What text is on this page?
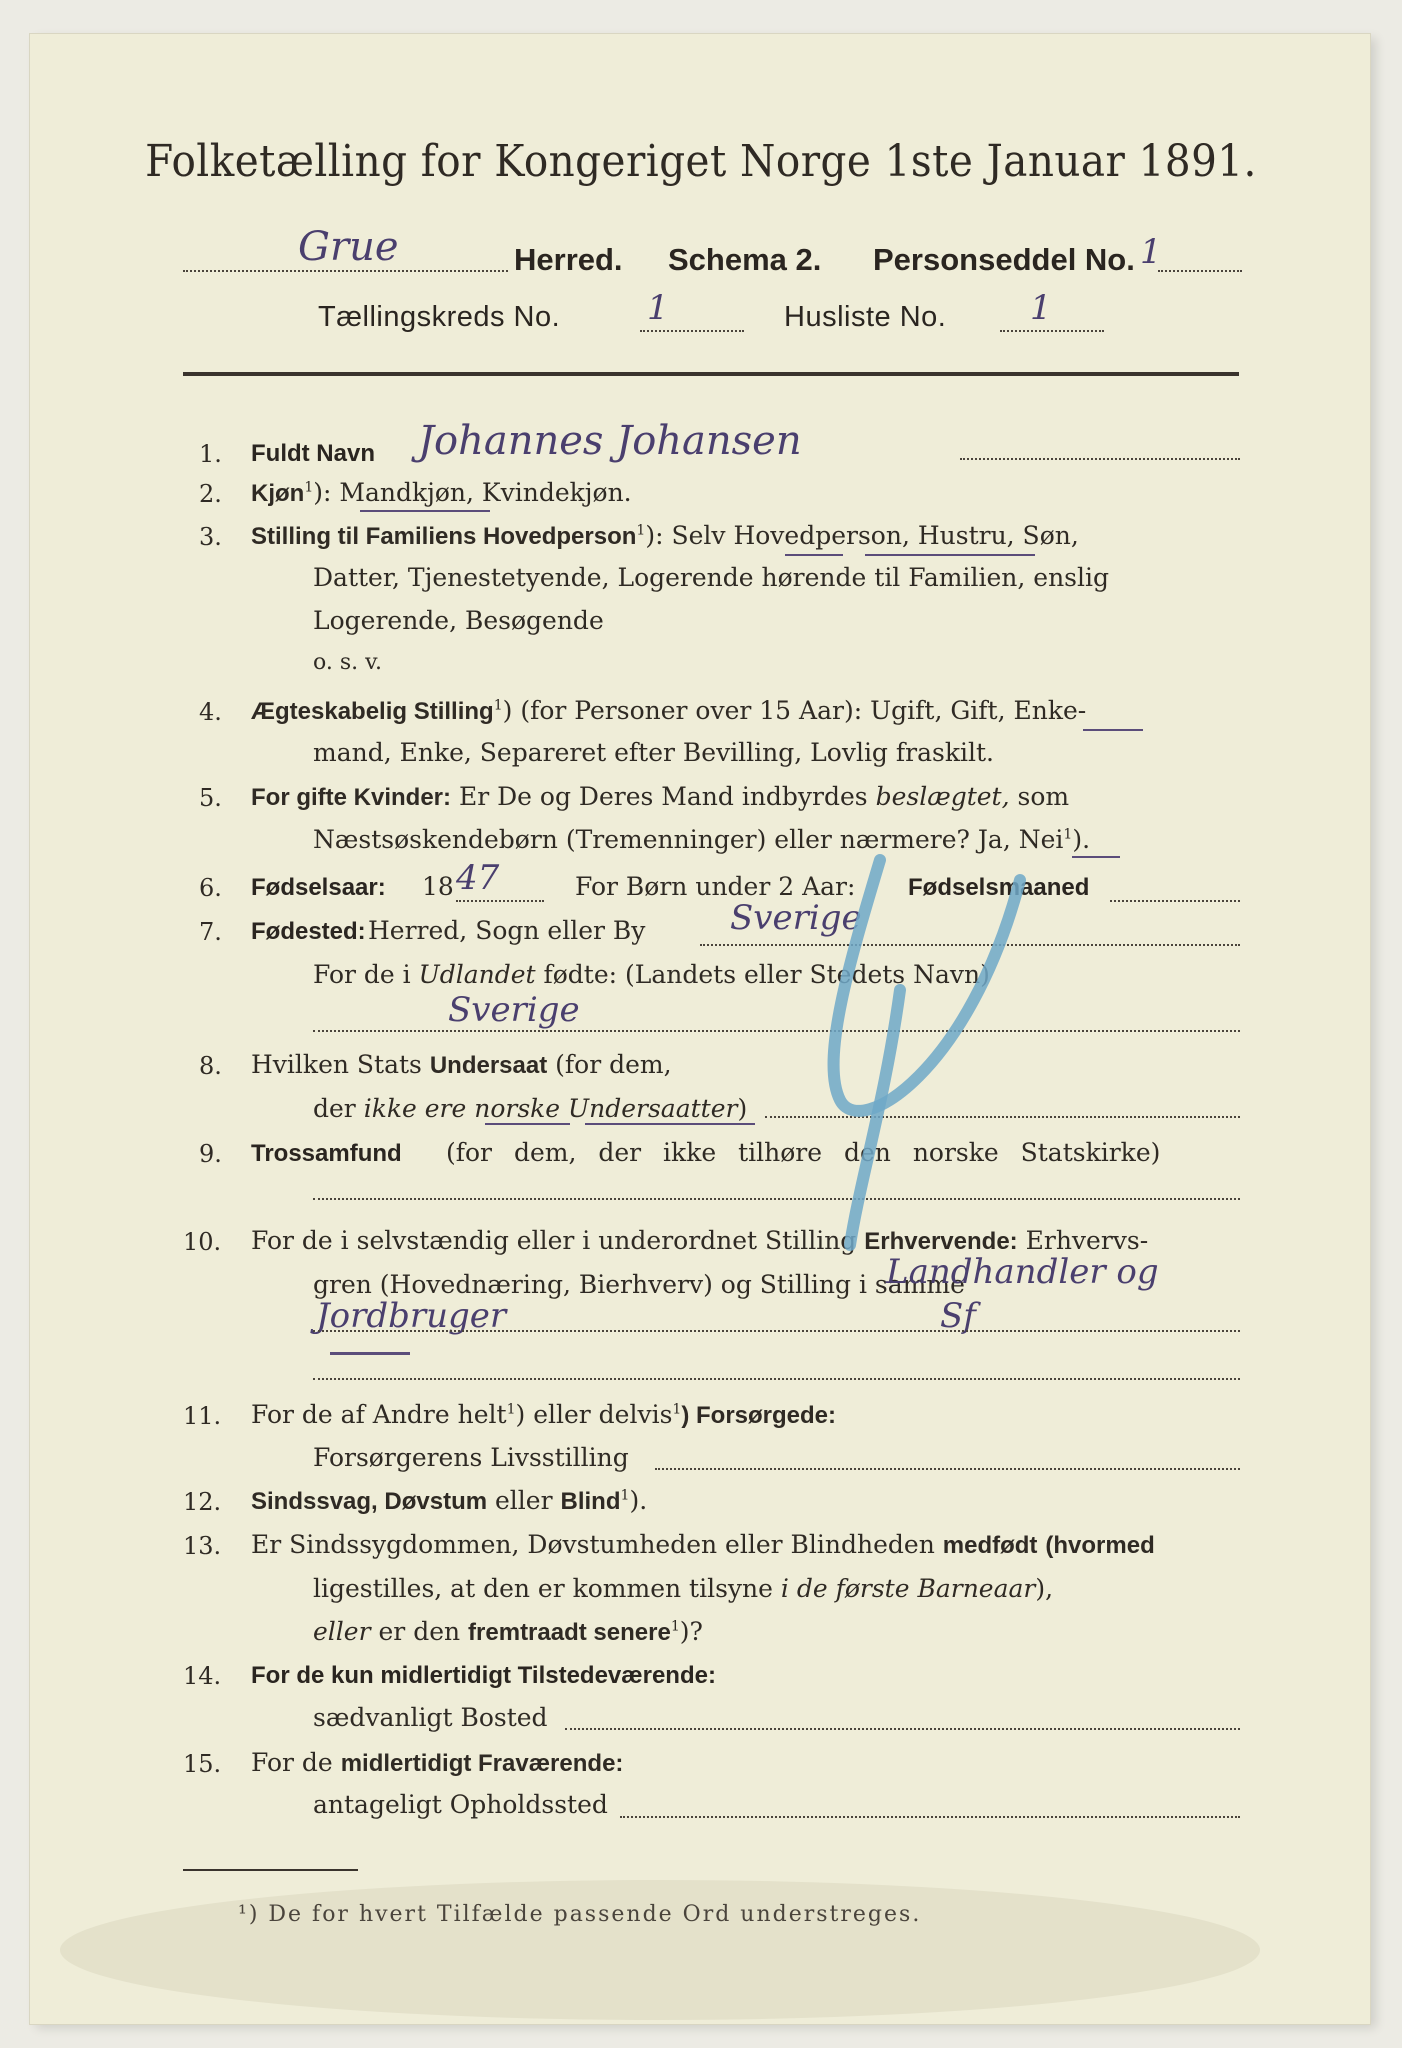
Folketælling for Kongeriget Norge 1ste Januar 1891.
Grue	Herred. Schema 2. Personseddel No. 1
Tællingskreds No.	1	Husliste No. 1
1. Fuldt Navn Johannes Johansen
2. Kjøn$^1$): Mandkjøn, Kvindekjøn.
3. Stilling til Familiens Hovedperson$^1$): Selv Hovedperson, Hustru, Søn,
Datter, Tjenestetyende, Logerende hørende til Familien, enslig
Logerende, Besøgende
o. s. v.
4. Ægteskabelig Stilling$^1$) (for Personer over 15 Aar): Ugift, Gift, Enke-
mand, Enke, Separeret efter Bevilling, Lovlig fraskilt.
5. For gifte Kvinder: Er De og Deres Mand indbyrdes beslægtet, som
Næstsøskendebørn (Tremenninger) eller nærmere? Ja, Nei$^1$).
6. Fødselsaar: 18 47	For Børn under 2 Aar: Fødselsmaaned
7. Fødested: Herred, Sogn eller By Sverige
For de i Udlandet fødte: (Landets eller Stedets Navn)
Sverige
8. Hvilken Stats Undersaat (for dem,
der ikke ere norske Undersaatter)
9. Trossamfund (for dem, der ikke tilhøre den norske Statskirke)
10. For de i selvstændig eller i underordnet Stilling Erhvervende: Erhvervs-
gren (Hovednæring, Bierhverv) og Stilling i samme
Landhandler og Jordbruger	Sf
11. For de af Andre helt$^1$) eller delvis$^1$) Forsørgede:
Forsørgerens Livsstilling
12. Sindssvag, Døvstum eller Blind$^1$).
13. Er Sindssygdommen, Døvstumheden eller Blindheden medfødt (hvormed
ligestilles, at den er kommen tilsyne i de første Barneaar),
eller er den fremtraadt senere$^1$)?
14. For de kun midlertidigt Tilstedeværende:
sædvanligt Bosted
15. For de midlertidigt Fraværende:
antageligt Opholdssted
¹) De for hvert Tilfælde passende Ord understreges.
